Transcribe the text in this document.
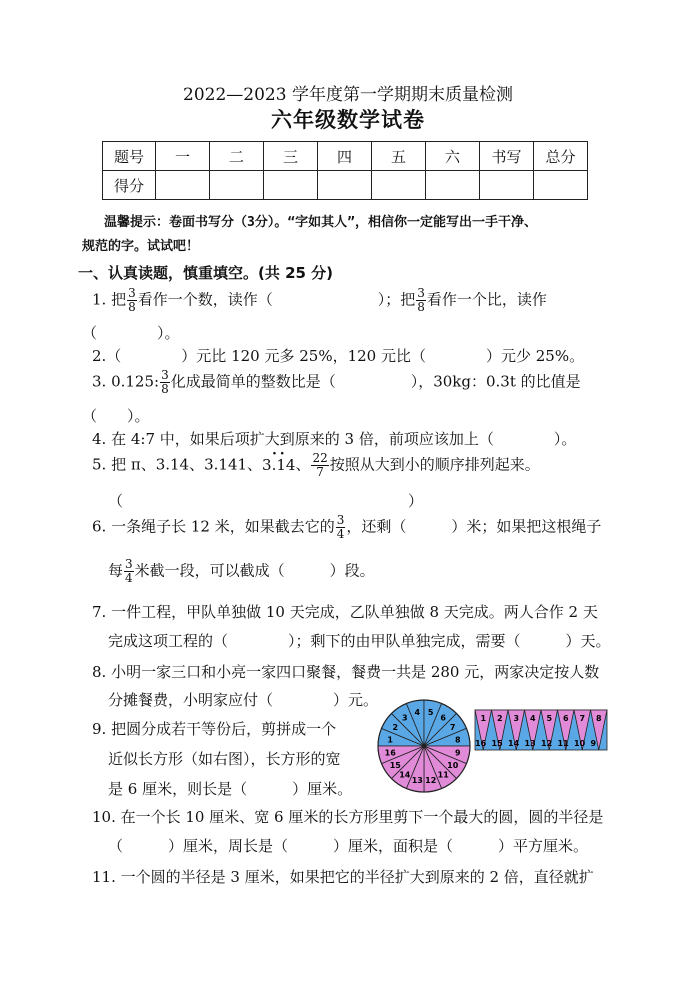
2022—2023 学年度第一学期期末质量检测
六年级数学试卷
题号	一	二	三	四	五	六	书写	总分
得分								
温馨提示：卷面书写分（3分）。“字如其人”，相信你一定能写出一手干净、
规范的字。试试吧！
一、认真读题，慎重填空。(共 25 分)
1. 把 $\frac{3}{8}$ 看作一个数，读作（　　　　　　　）；把 $\frac{3}{8}$ 看作一个比，读作
（　　　　）。
2.（　　　　）元比 120 元多 25%，120 元比（　　　　）元少 25%。
3. 0.125: $\frac{3}{8}$ 化成最简单的整数比是（　　　　　），30kg：0.3t 的比值是
（　　）。
4. 在 4:7 中，如果后项扩大到原来的 3 倍，前项应该加上（　　　　）。
5. 把 π、3.14、3.141、· · 3.14、 $\frac{22}{7}$ 按照从大到小的顺序排列起来。
（　　　　　　　　　　　　　　　　　　　）
6. 一条绳子长 12 米，如果截去它的 $\frac{3}{4}$ ，还剩（　　　）米；如果把这根绳子
每 $\frac{3}{4}$ 米截一段，可以截成（　　　）段。
7. 一件工程，甲队单独做 10 天完成，乙队单独做 8 天完成。两人合作 2 天
完成这项工程的（　　　　）；剩下的由甲队单独完成，需要（　　　）天。
8. 小明一家三口和小亮一家四口聚餐，餐费一共是 280 元，两家决定按人数
分摊餐费，小明家应付（　　　　）元。
9. 把圆分成若干等份后，剪拼成一个
近似长方形（如右图），长方形的宽
是 6 厘米，则长是（　　　）厘米。
1
2
3
4 5
6
7
8
9
10
11
12
13
14
15
16
1
16
2
15
3
14
4
13
5
12
6
11
7
10
8
9
10. 在一个长 10 厘米、宽 6 厘米的长方形里剪下一个最大的圆，圆的半径是
（　　　）厘米，周长是（　　　）厘米，面积是（　　　）平方厘米。
11. 一个圆的半径是 3 厘米，如果把它的半径扩大到原来的 2 倍，直径就扩
